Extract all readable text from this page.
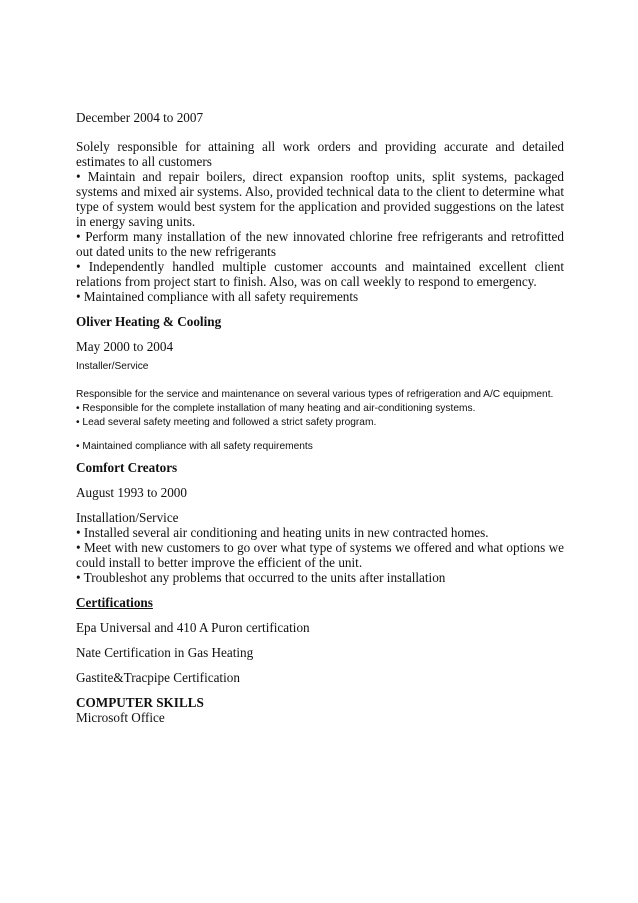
December 2004 to 2007

Solely responsible for attaining all work orders and providing accurate and detailed estimates to all customers

• Maintain and repair boilers, direct expansion rooftop units, split systems, packaged systems and mixed air systems. Also, provided technical data to the client to determine what type of system would best system for the application and provided suggestions on the latest in energy saving units.

• Perform many installation of the new innovated chlorine free refrigerants and retrofitted out dated units to the new refrigerants

• Independently handled multiple customer accounts and maintained excellent client relations from project start to finish. Also, was on call weekly to respond to emergency.

• Maintained compliance with all safety requirements

Oliver Heating & Cooling

May 2000 to 2004

Installer/Service

Responsible for the service and maintenance on several various types of refrigeration and A/C equipment.

• Responsible for the complete installation of many heating and air-conditioning systems.

• Lead several safety meeting and followed a strict safety program.

• Maintained compliance with all safety requirements

Comfort Creators

August 1993 to 2000

Installation/Service

• Installed several air conditioning and heating units in new contracted homes.

• Meet with new customers to go over what type of systems we offered and what options we could install to better improve the efficient of the unit.

• Troubleshot any problems that occurred to the units after installation

Certifications

Epa Universal and 410 A Puron certification

Nate Certification in Gas Heating

Gastite&Tracpipe Certification

COMPUTER SKILLS

Microsoft Office
